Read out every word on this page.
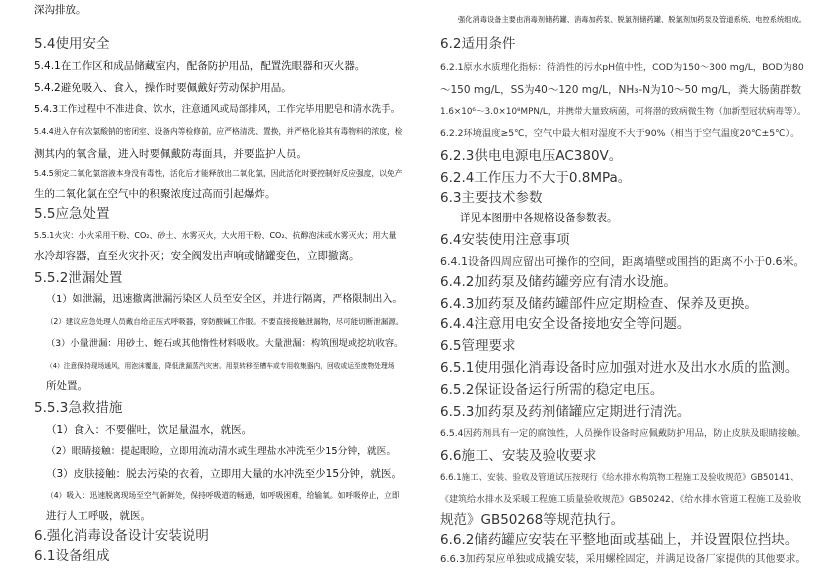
深沟排放。
5.4使用安全
5.4.1在工作区和成品储藏室内，配备防护用品，配置洗眼器和灭火器。
5.4.2避免吸入、食入，操作时要佩戴好劳动保护用品。
5.4.3工作过程中不准进食、饮水，注意通风或局部排风，工作完毕用肥皂和清水洗手。
5.4.4进入存有次氯酸钠的密闭室、设备内等检修前，应严格清洗、置换，并严格化验其有毒物料的浓度，检
测其内的氧含量，进入时要佩戴防毒面具，并要监护人员。
5.4.5须定二氧化氯溶液本身没有毒性，活化后才能释放出二氧化氯，因此活化时要控制好反应强度，以免产
生的二氧化氯在空气中的积聚浓度过高而引起爆炸。
5.5应急处置
5.5.1火灾：小火采用干粉、CO₂、砂土、水雾灭火，大火用干粉、CO₂、抗醇泡沫或水雾灭火；用大量
水冷却容器，直至火灾扑灭；安全阀发出声响或储罐变色，立即撤离。
5.5.2泄漏处置
（1）如泄漏，迅速撤离泄漏污染区人员至安全区，并进行隔离，严格限制出入。
（2）建议应急处理人员戴自给正压式呼吸器，穿防酸碱工作服。不要直接接触泄漏物，尽可能切断泄漏源。
（3）小量泄漏：用砂土、蛭石或其他惰性材料吸收。大量泄漏：构筑围堤或挖坑收容。
（4）注意保持现场通风，用泡沫覆盖，降低泄漏蒸汽灾害。用泵转移至槽车或专用收集器内，回收或运至废物处理场
所处置。
5.5.3急救措施
（1）食入：不要催吐，饮足量温水，就医。
（2）眼睛接触：提起眼睑，立即用流动清水或生理盐水冲洗至少15分钟，就医。
（3）皮肤接触：脱去污染的衣着，立即用大量的水冲洗至少15分钟，就医。
（4）吸入：迅速脱离现场至空气新鲜处，保持呼吸道的畅通，如呼吸困难，给输氧。如呼吸停止，立即
进行人工呼吸，就医。
6.强化消毒设备设计安装说明
6.1设备组成
强化消毒设备主要由消毒剂储药罐、消毒加药泵、脱氯剂储药罐、脱氯剂加药泵及管道系统、电控系统组成。
6.2适用条件
6.2.1原水水质理化指标：待消性的污水pH值中性，COD为150～300 mg/L，BOD为80
～150 mg/L，SS为40～120 mg/L，NH₃-N为10～50 mg/L，粪大肠菌群数
1.6×10⁶～3.0×10⁸MPN/L，并携带大量致病菌，可将潜的致病微生物（加新型冠状病毒等）。
6.2.2环境温度≥5℃，空气中最大相对湿度不大于90%（相当于空气温度20℃±5℃）。
6.2.3供电电源电压AC380V。
6.2.4工作压力不大于0.8MPa。
6.3主要技术参数
详见本图册中各规格设备参数表。
6.4安装使用注意事项
6.4.1设备四周应留出可操作的空间，距离墙壁或围挡的距离不小于0.6米。
6.4.2加药泵及储药罐旁应有清水设施。
6.4.3加药泵及储药罐部件应定期检查、保养及更换。
6.4.4注意用电安全设备接地安全等问题。
6.5管理要求
6.5.1使用强化消毒设备时应加强对进水及出水水质的监测。
6.5.2保证设备运行所需的稳定电压。
6.5.3加药泵及药剂储罐应定期进行清洗。
6.5.4因药剂具有一定的腐蚀性，人员操作设备时应佩戴防护用品，防止皮肤及眼睛接触。
6.6施工、安装及验收要求
6.6.1施工、安装、验收及管道试压按现行《给水排水构筑物工程施工及验收规范》GB50141、
《建筑给水排水及采暖工程施工质量验收规范》GB50242、《给水排水管道工程施工及验收
规范》GB50268等规范执行。
6.6.2储药罐应安装在平整地面或基础上，并设置限位挡块。
6.6.3加药泵应单独或成撬安装，采用螺栓固定，并满足设备厂家提供的其他要求。
